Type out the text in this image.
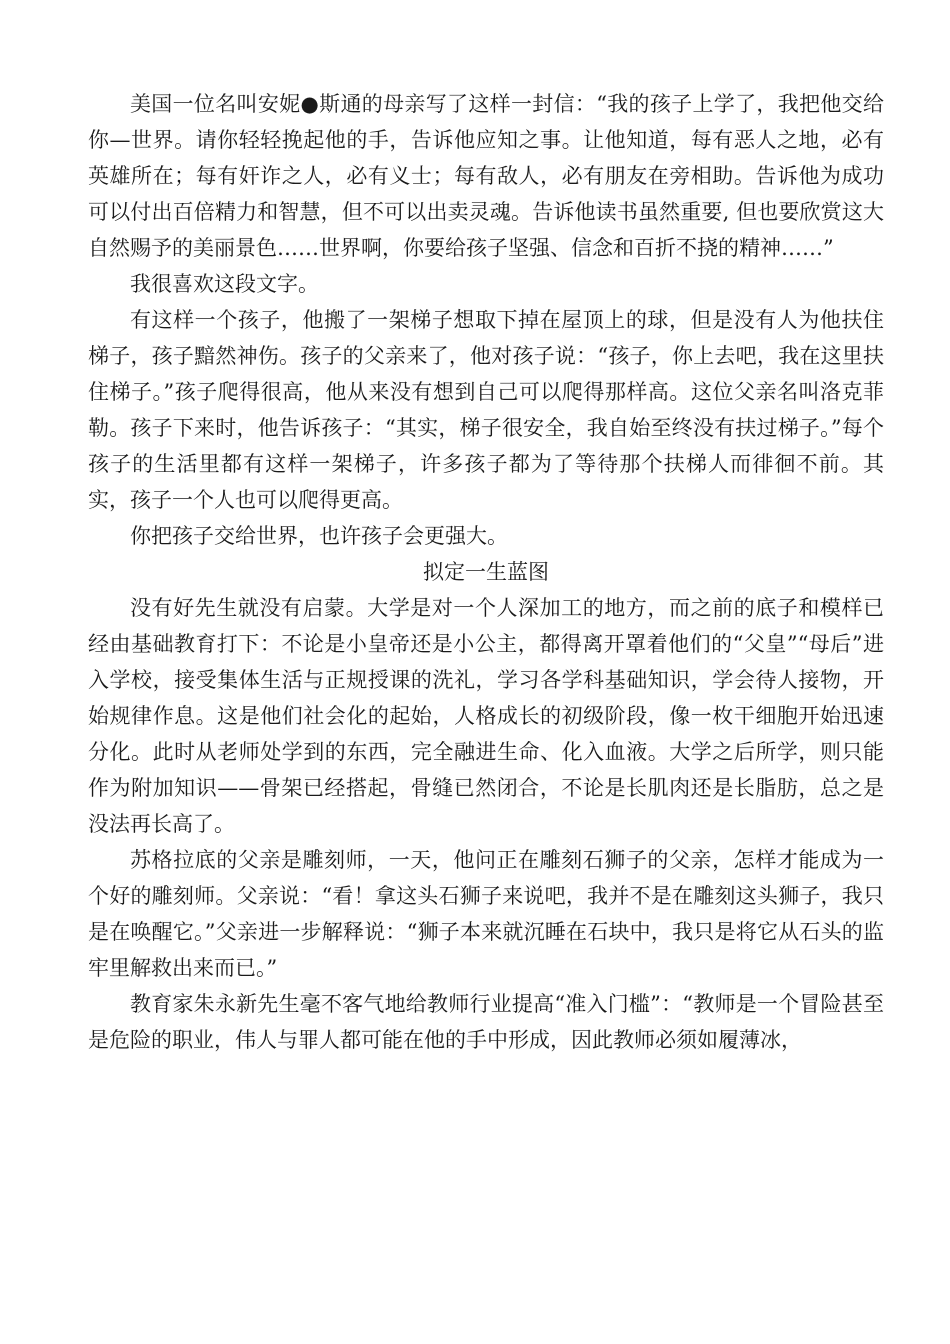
美国一位名叫安妮●斯通的母亲写了这样一封信：“我的孩子上学了，我把他交给你—世界。请你轻轻挽起他的手，告诉他应知之事。让他知道，每有恶人之地，必有英雄所在；每有奸诈之人，必有义士；每有敌人，必有朋友在旁相助。告诉他为成功可以付出百倍精力和智慧，但不可以出卖灵魂。告诉他读书虽然重要, 但也要欣赏这大自然赐予的美丽景色……世界啊，你要给孩子坚强、信念和百折不挠的精神……”

我很喜欢这段文字。

有这样一个孩子，他搬了一架梯子想取下掉在屋顶上的球，但是没有人为他扶住梯子，孩子黯然神伤。孩子的父亲来了，他对孩子说：“孩子，你上去吧，我在这里扶住梯子。”孩子爬得很高，他从来没有想到自己可以爬得那样高。这位父亲名叫洛克菲勒。孩子下来时，他告诉孩子：“其实，梯子很安全，我自始至终没有扶过梯子。”每个孩子的生活里都有这样一架梯子，许多孩子都为了等待那个扶梯人而徘徊不前。其实，孩子一个人也可以爬得更高。

你把孩子交给世界，也许孩子会更强大。

拟定一生蓝图

没有好先生就没有启蒙。大学是对一个人深加工的地方，而之前的底子和模样已经由基础教育打下：不论是小皇帝还是小公主，都得离开罩着他们的“父皇”“母后”进入学校，接受集体生活与正规授课的洗礼，学习各学科基础知识，学会待人接物，开始规律作息。这是他们社会化的起始，人格成长的初级阶段，像一枚干细胞开始迅速分化。此时从老师处学到的东西，完全融进生命、化入血液。大学之后所学，则只能作为附加知识——骨架已经搭起，骨缝已然闭合，不论是长肌肉还是长脂肪，总之是没法再长高了。

苏格拉底的父亲是雕刻师，一天，他问正在雕刻石狮子的父亲，怎样才能成为一个好的雕刻师。父亲说：“看！拿这头石狮子来说吧，我并不是在雕刻这头狮子，我只是在唤醒它。”父亲进一步解释说：“狮子本来就沉睡在石块中，我只是将它从石头的监牢里解救出来而已。”

教育家朱永新先生毫不客气地给教师行业提高“准入门槛”：“教师是一个冒险甚至是危险的职业，伟人与罪人都可能在他的手中形成，因此教师必须如履薄冰，
